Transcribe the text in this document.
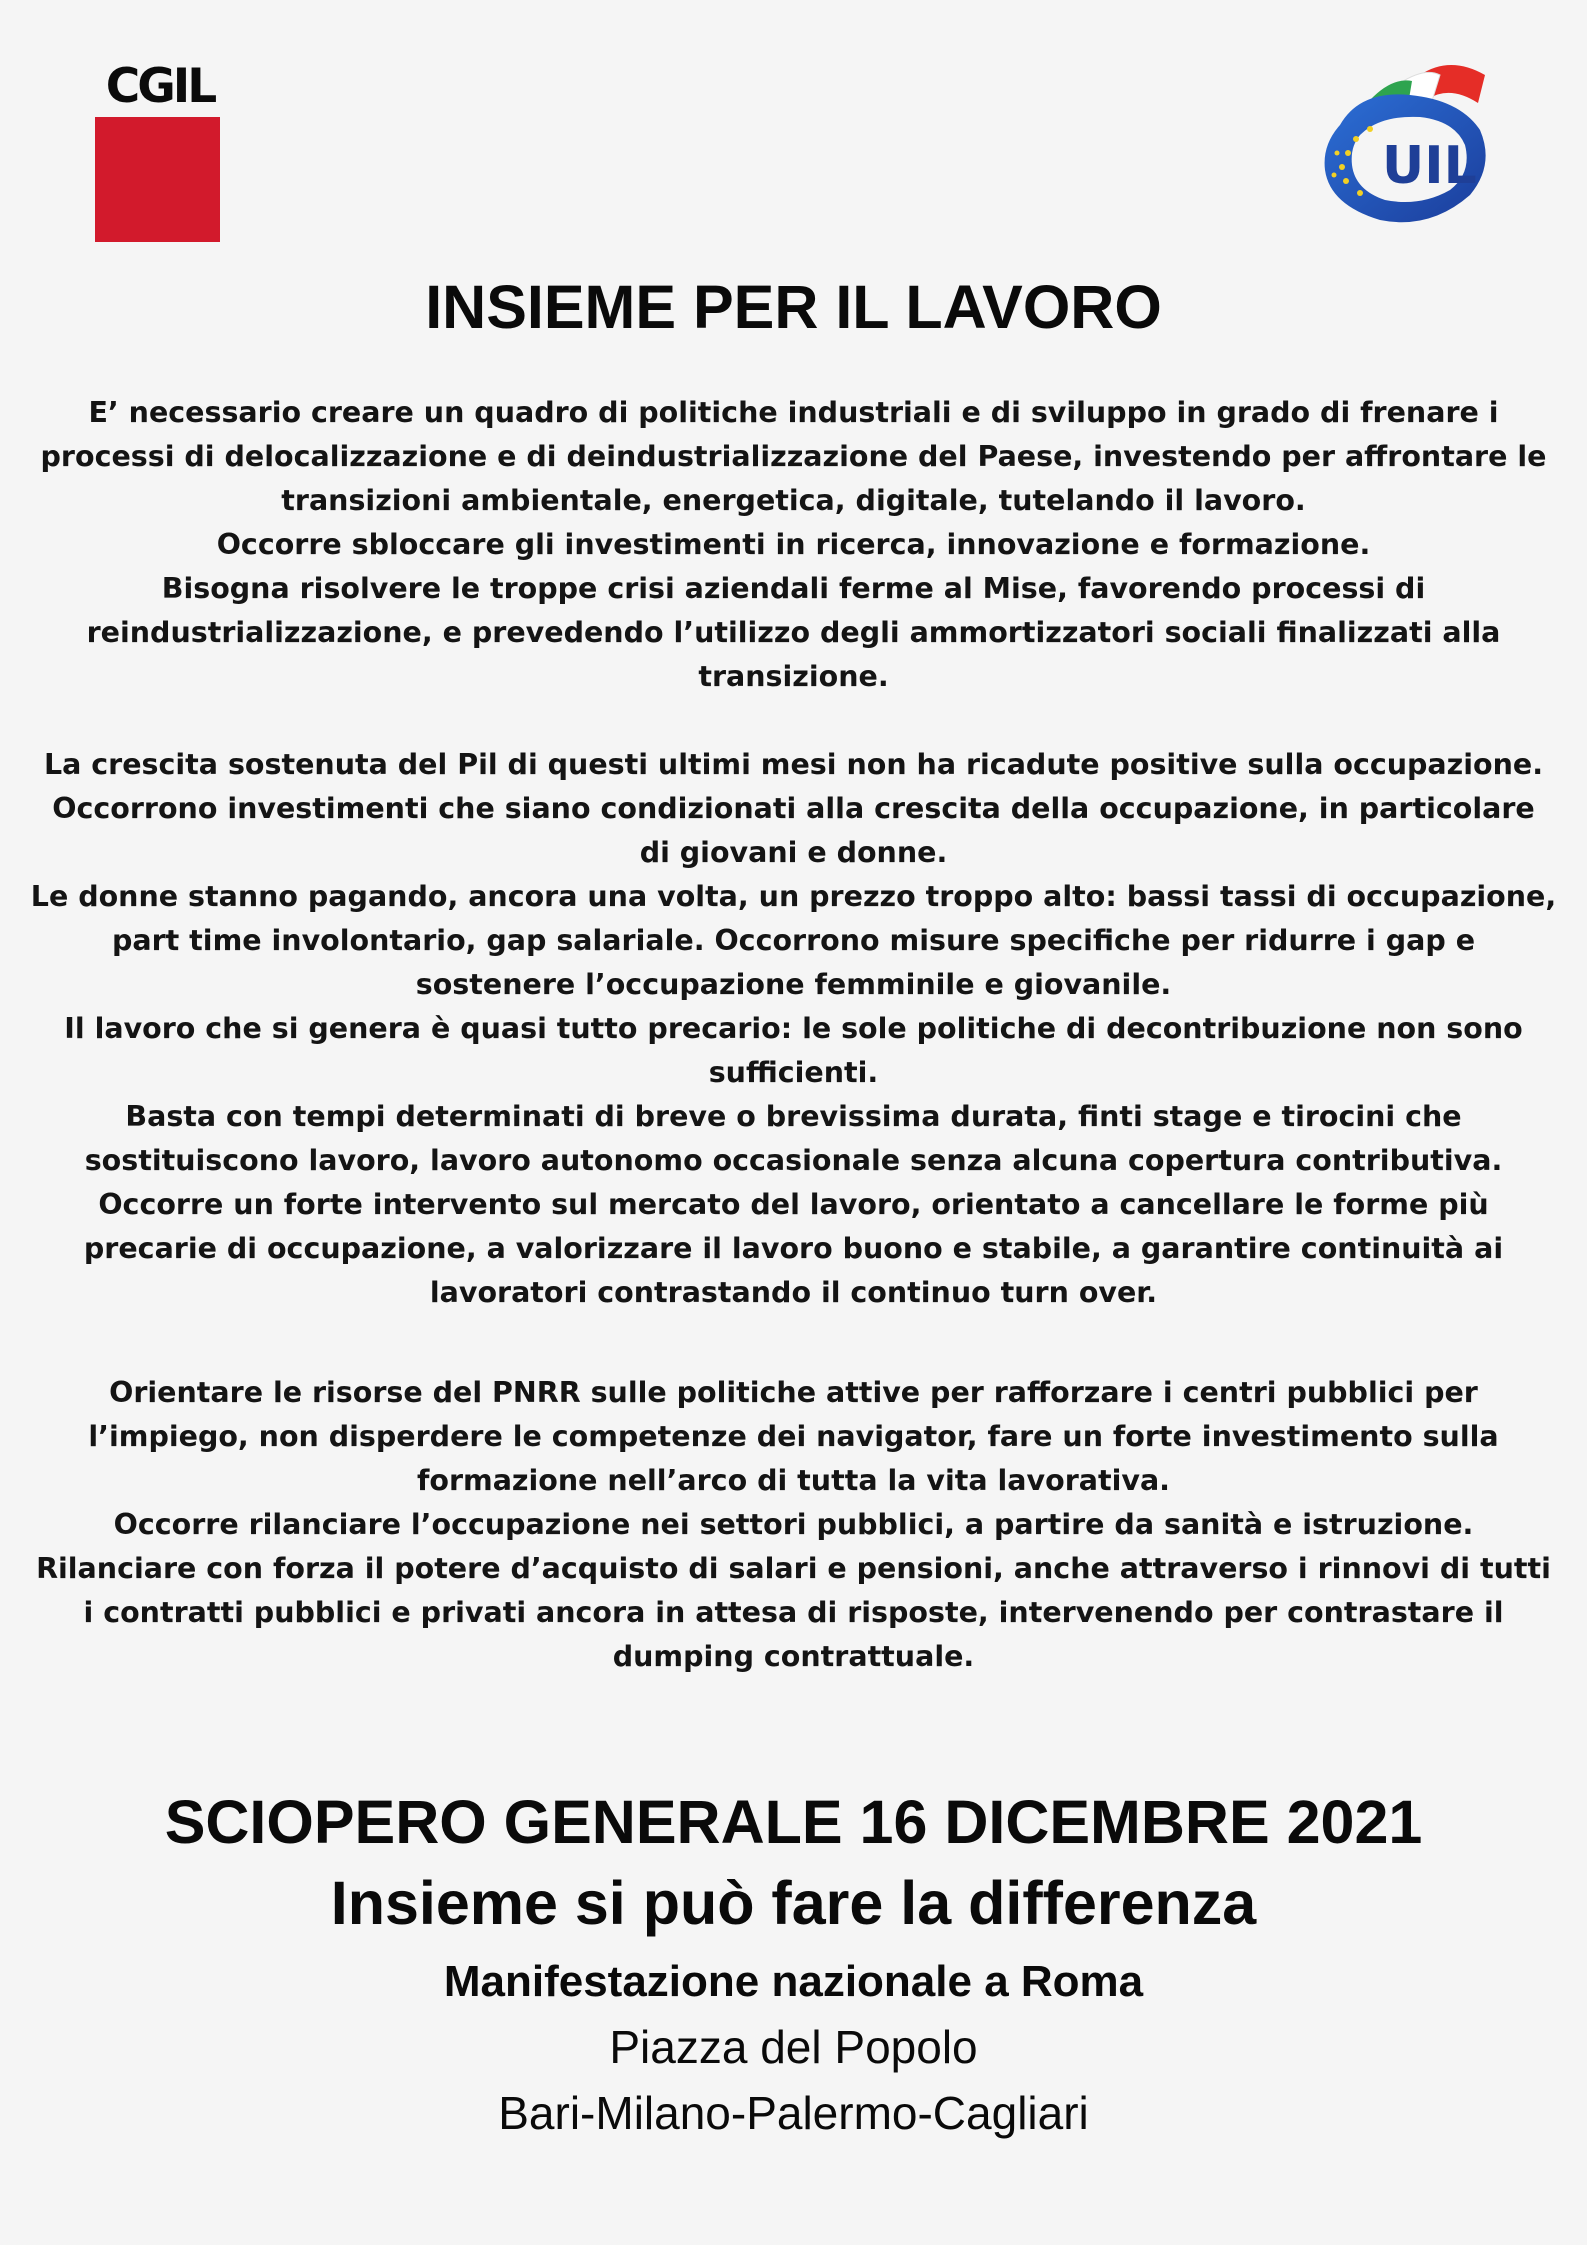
CGIL
UIL
INSIEME PER IL LAVORO
E’ necessario creare un quadro di politiche industriali e di sviluppo in grado di frenare i
processi di delocalizzazione e di deindustrializzazione del Paese, investendo per affrontare le
transizioni ambientale, energetica, digitale, tutelando il lavoro.
Occorre sbloccare gli investimenti in ricerca, innovazione e formazione.
Bisogna risolvere le troppe crisi aziendali ferme al Mise, favorendo processi di
reindustrializzazione, e prevedendo l’utilizzo degli ammortizzatori sociali finalizzati alla
transizione.
La crescita sostenuta del Pil di questi ultimi mesi non ha ricadute positive sulla occupazione.
Occorrono investimenti che siano condizionati alla crescita della occupazione, in particolare
di giovani e donne.
Le donne stanno pagando, ancora una volta, un prezzo troppo alto: bassi tassi di occupazione,
part time involontario, gap salariale. Occorrono misure specifiche per ridurre i gap e
sostenere l’occupazione femminile e giovanile.
Il lavoro che si genera è quasi tutto precario: le sole politiche di decontribuzione non sono
sufficienti.
Basta con tempi determinati di breve o brevissima durata, finti stage e tirocini che
sostituiscono lavoro, lavoro autonomo occasionale senza alcuna copertura contributiva.
Occorre un forte intervento sul mercato del lavoro, orientato a cancellare le forme più
precarie di occupazione, a valorizzare il lavoro buono e stabile, a garantire continuità ai
lavoratori contrastando il continuo turn over.
Orientare le risorse del PNRR sulle politiche attive per rafforzare i centri pubblici per
l’impiego, non disperdere le competenze dei navigator, fare un forte investimento sulla
formazione nell’arco di tutta la vita lavorativa.
Occorre rilanciare l’occupazione nei settori pubblici, a partire da sanità e istruzione.
Rilanciare con forza il potere d’acquisto di salari e pensioni, anche attraverso i rinnovi di tutti
i contratti pubblici e privati ancora in attesa di risposte, intervenendo per contrastare il
dumping contrattuale.

SCIOPERO GENERALE 16 DICEMBRE 2021

Insieme si può fare la differenza

Manifestazione nazionale a Roma

Piazza del Popolo

Bari-Milano-Palermo-Cagliari
